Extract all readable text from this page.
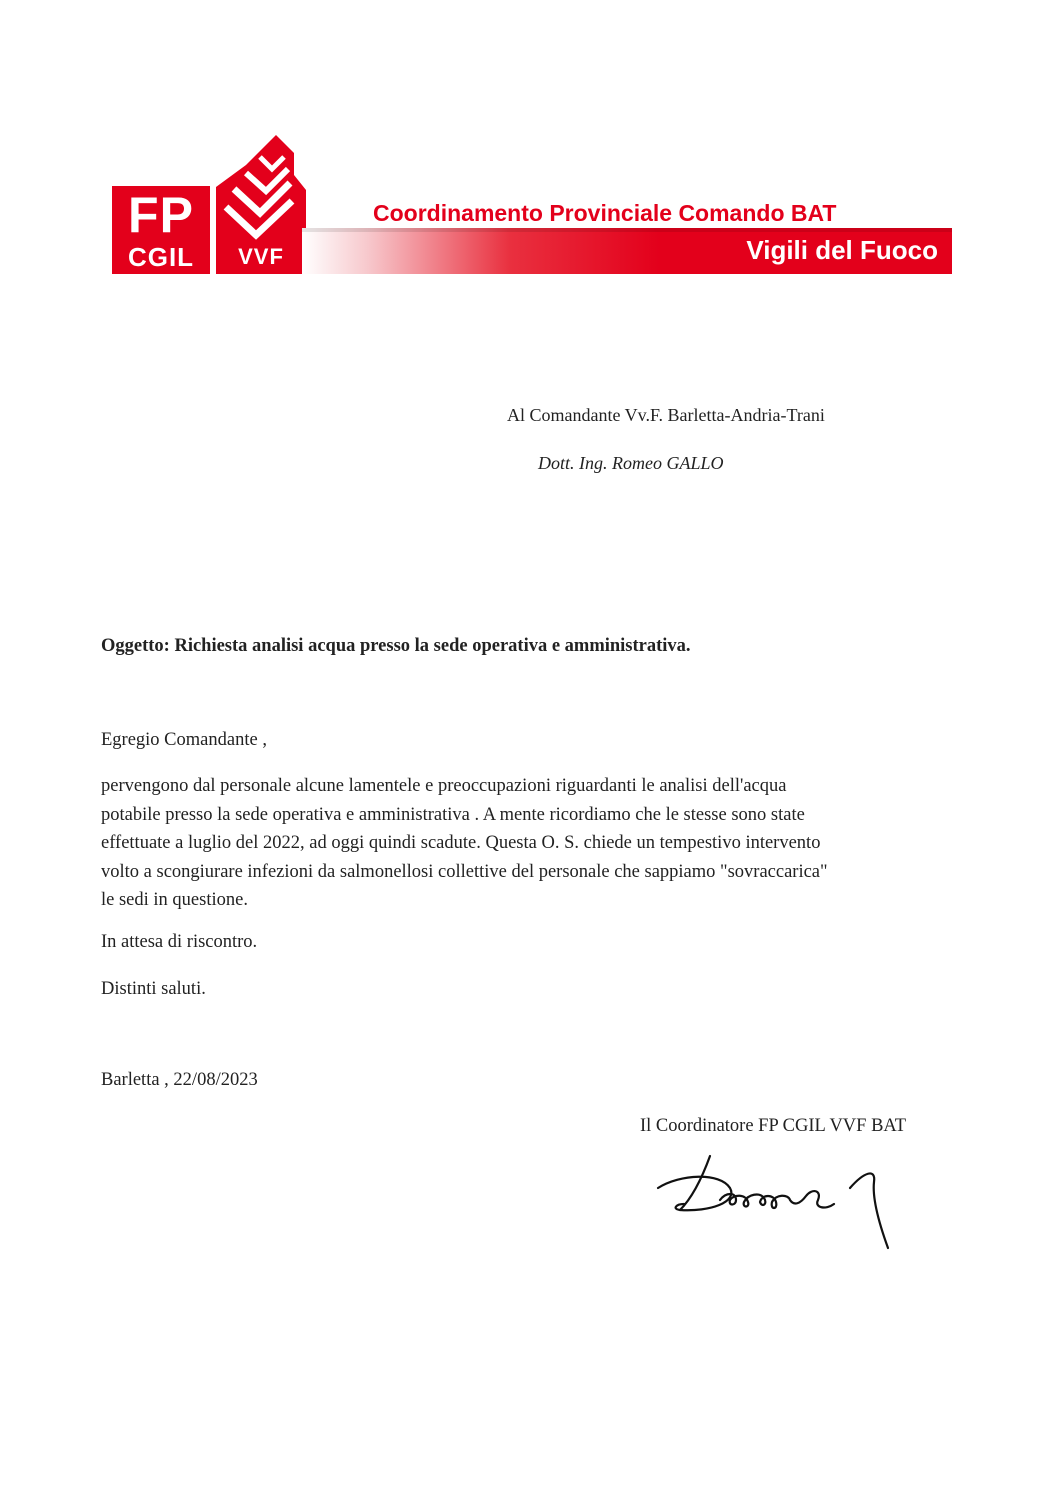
FP
CGIL	VVF
Coordinamento Provinciale Comando BAT
Vigili del Fuoco
Al Comandante Vv.F. Barletta-Andria-Trani
Dott. Ing. Romeo GALLO
Oggetto: Richiesta analisi acqua presso la sede operativa e amministrativa.
Egregio Comandante ,
pervengono dal personale alcune lamentele e preoccupazioni riguardanti le analisi dell'acqua
potabile presso la sede operativa e amministrativa . A mente ricordiamo che le stesse sono state
effettuate a luglio del 2022, ad oggi quindi scadute. Questa O. S. chiede un tempestivo intervento
volto a scongiurare infezioni da salmonellosi collettive del personale che sappiamo "sovraccarica"
le sedi in questione.
In attesa di riscontro.
Distinti saluti.
Barletta , 22/08/2023
Il Coordinatore FP CGIL VVF BAT
